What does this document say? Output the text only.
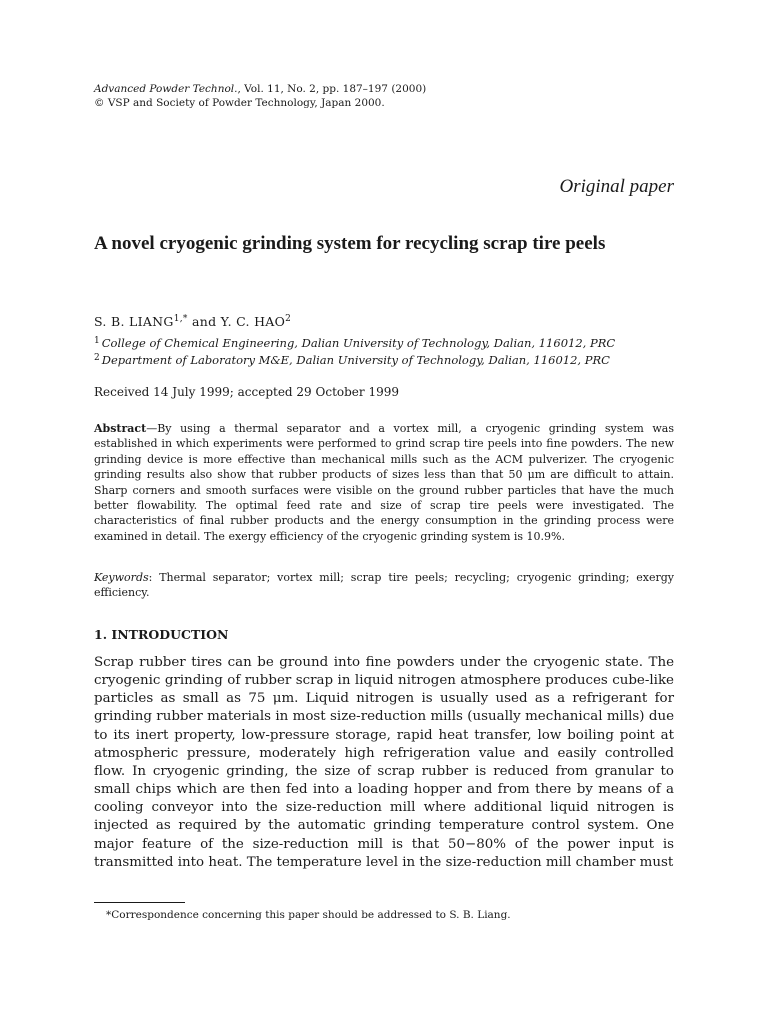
Advanced Powder Technol., Vol. 11, No. 2, pp. 187–197 (2000)
© VSP and Society of Powder Technology, Japan 2000.
Original paper
A novel cryogenic grinding system for recycling scrap tire peels
S. B. $LIANG^{1,*}$ and Y. C. HAO$^2$
$^1$ College of Chemical Engineering, Dalian University of Technology, Dalian, 116012, PRC
$^2$ Department of Laboratory M&E, Dalian University of Technology, Dalian, 116012, PRC
Received 14 July 1999; accepted 29 October 1999
Abstract—By using a thermal separator and a vortex mill, a cryogenic grinding system was established in which experiments were performed to grind scrap tire peels into fine powders. The new grinding device is more effective than mechanical mills such as the ACM pulverizer. The cryogenic grinding results also show that rubber products of sizes less than that 50 μm are difficult to attain. Sharp corners and smooth surfaces were visible on the ground rubber particles that have the much better flowability. The optimal feed rate and size of scrap tire peels were investigated. The characteristics of final rubber products and the energy consumption in the grinding process were examined in detail. The exergy efficiency of the cryogenic grinding system is 10.9%.
Keywords: Thermal separator; vortex mill; scrap tire peels; recycling; cryogenic grinding; exergy efficiency.
1. INTRODUCTION
Scrap rubber tires can be ground into fine powders under the cryogenic state. The cryogenic grinding of rubber scrap in liquid nitrogen atmosphere produces cube-like particles as small as 75 μm. Liquid nitrogen is usually used as a refrigerant for grinding rubber materials in most size-reduction mills (usually mechanical mills) due to its inert property, low-pressure storage, rapid heat transfer, low boiling point at atmospheric pressure, moderately high refrigeration value and easily controlled flow. In cryogenic grinding, the size of scrap rubber is reduced from granular to small chips which are then fed into a loading hopper and from there by means of a cooling conveyor into the size-reduction mill where additional liquid nitrogen is injected as required by the automatic grinding temperature control system. One major feature of the size-reduction mill is that 50−80% of the power input is transmitted into heat. The temperature level in the size-reduction mill chamber must
*Correspondence concerning this paper should be addressed to S. B. Liang.
